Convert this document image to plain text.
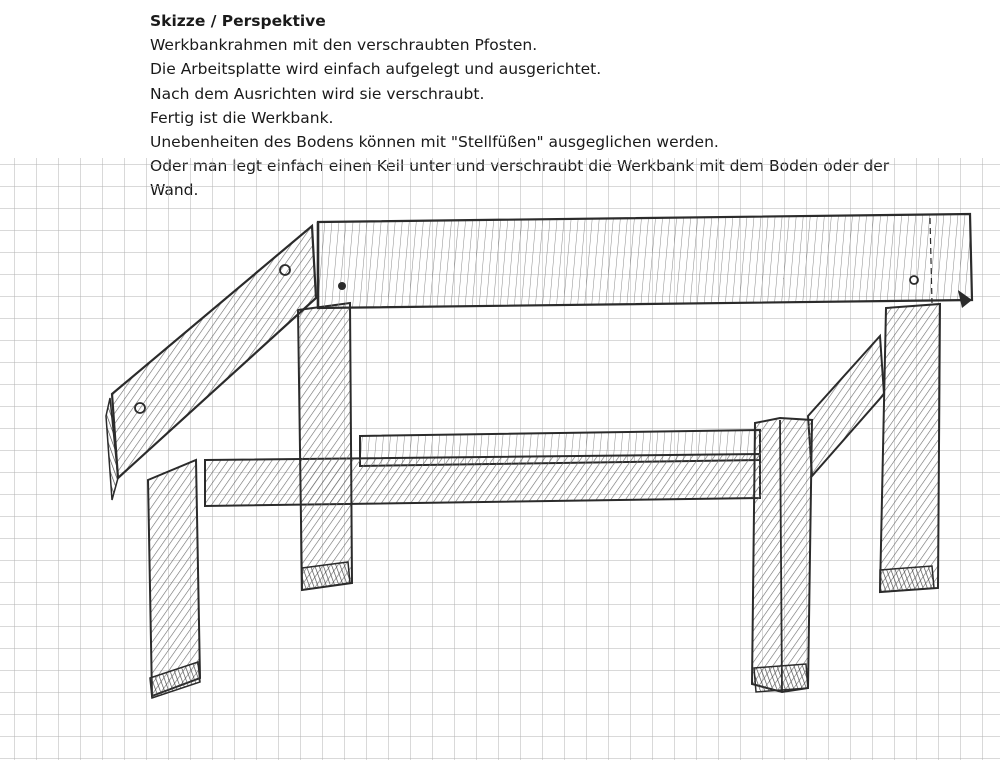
Skizze / Perspektive
Werkbankrahmen mit den verschraubten Pfosten.
Die Arbeitsplatte wird einfach aufgelegt und ausgerichtet.
Nach dem Ausrichten wird sie verschraubt.
Fertig ist die Werkbank.
Unebenheiten des Bodens können mit "Stellfüßen" ausgeglichen werden.
